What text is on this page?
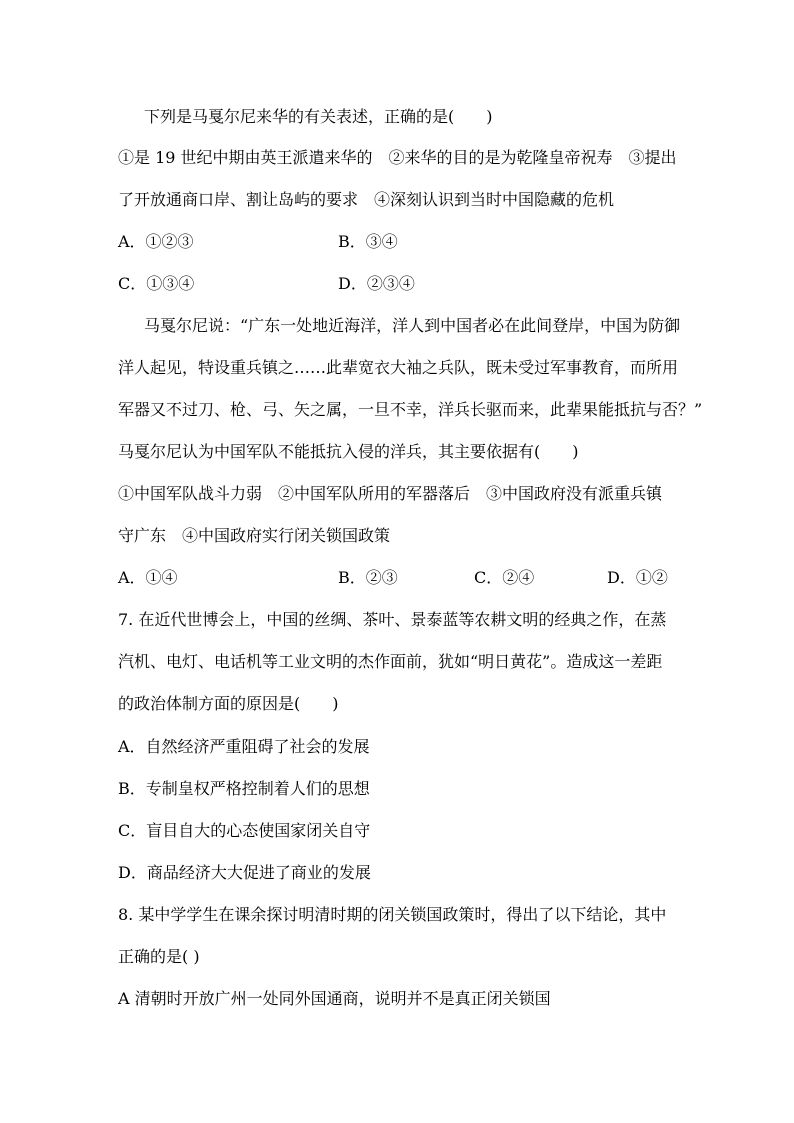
下列是马戛尔尼来华的有关表述，正确的是(　　)
①是 19 世纪中期由英王派遣来华的　②来华的目的是为乾隆皇帝祝寿　③提出
了开放通商口岸、割让岛屿的要求　④深刻认识到当时中国隐藏的危机
A．①②③	B．③④
C．①③④	D．②③④
马戛尔尼说：“广东一处地近海洋，洋人到中国者必在此间登岸，中国为防御
洋人起见，特设重兵镇之……此辈宽衣大袖之兵队，既未受过军事教育，而所用
军器又不过刀、枪、弓、矢之属，一旦不幸，洋兵长驱而来，此辈果能抵抗与否？”
马戛尔尼认为中国军队不能抵抗入侵的洋兵，其主要依据有(　　)
①中国军队战斗力弱　②中国军队所用的军器落后　③中国政府没有派重兵镇
守广东　④中国政府实行闭关锁国政策
A．①④	B．②③	C．②④	D．①②
7. 在近代世博会上，中国的丝绸、茶叶、景泰蓝等农耕文明的经典之作，在蒸
汽机、电灯、电话机等工业文明的杰作面前，犹如“明日黄花”。造成这一差距
的政治体制方面的原因是(　　)
A．自然经济严重阻碍了社会的发展
B．专制皇权严格控制着人们的思想
C．盲目自大的心态使国家闭关自守
D．商品经济大大促进了商业的发展
8. 某中学学生在课余探讨明清时期的闭关锁国政策时，得出了以下结论，其中
正确的是( )
A 清朝时开放广州一处同外国通商，说明并不是真正闭关锁国
